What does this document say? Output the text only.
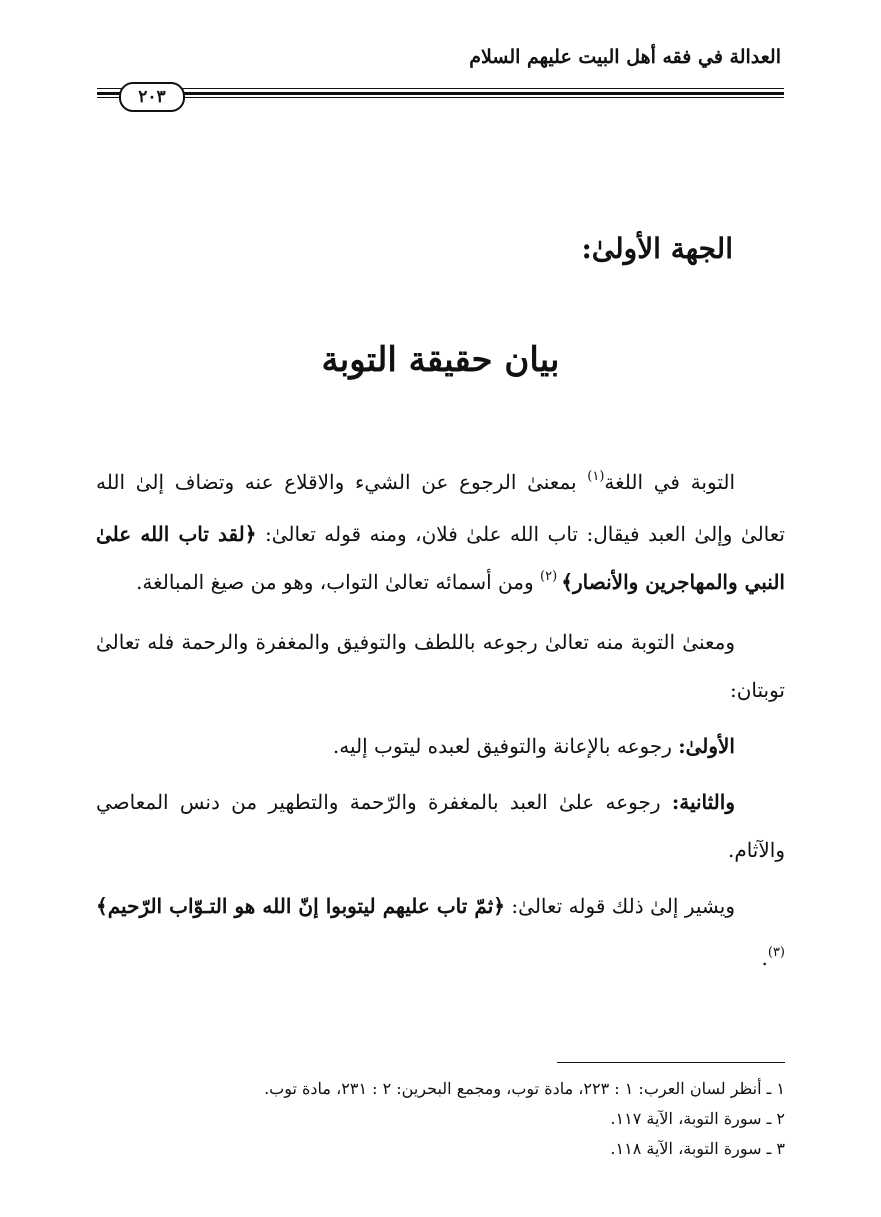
العدالة في فقه أهل البيت عليهم السلام
٢٠٣
الجهة الأولىٰ:
بيان حقيقة التوبة

التوبة في اللغة$^{(١)}$ بمعنىٰ الرجوع عن الشيء والاقلاع عنه وتضاف إلىٰ الله تعالىٰ وإلىٰ العبد فيقال: تاب الله علىٰ فلان، ومنه قوله تعالىٰ: ﴿لقد تاب الله علىٰ النبي والمهاجرين والأنصار﴾ $^{(٢)}$ ومن أسمائه تعالىٰ التواب، وهو من صيغ المبالغة.

ومعنىٰ التوبة منه تعالىٰ رجوعه باللطف والتوفيق والمغفرة والرحمة فله تعالىٰ توبتان:

الأولىٰ: رجوعه بالإعانة والتوفيق لعبده ليتوب إليه.

والثانية: رجوعه علىٰ العبد بالمغفرة والرّحمة والتطهير من دنس المعاصي والآثام.

ويشير إلىٰ ذلك قوله تعالىٰ: ﴿ثمّ تاب عليهم ليتوبوا إنّ الله هو التـوّاب الرّحيم﴾ $^{(٣)}$.

١ ـ أنظر لسان العرب: ١ : ٢٢٣، مادة توب، ومجمع البحرين: ٢ : ٢٣١، مادة توب.
٢ ـ سورة التوبة، الآية ١١٧.
٣ ـ سورة التوبة، الآية ١١٨.
